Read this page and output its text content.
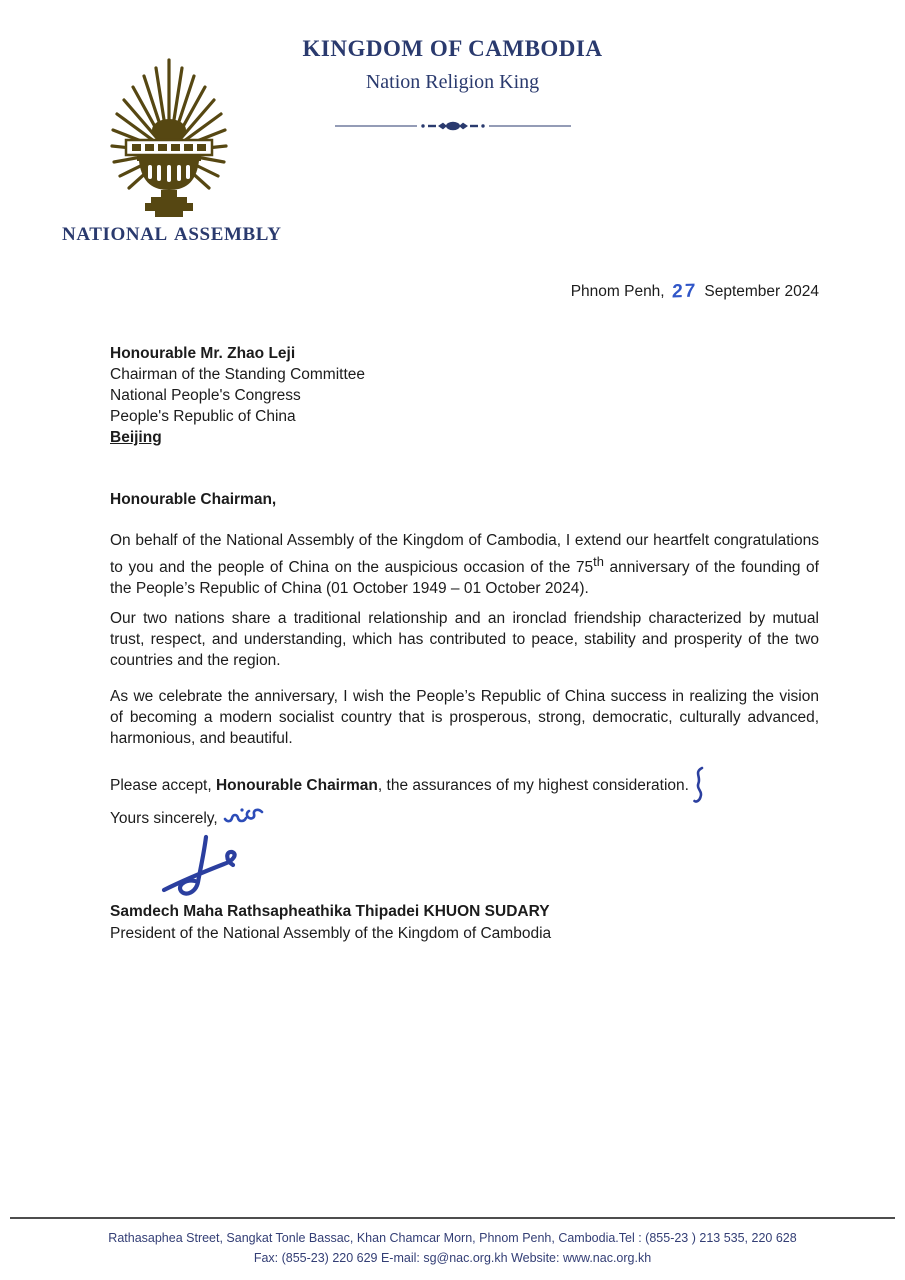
KINGDOM OF CAMBODIA
Nation Religion King
NATIONAL ASSEMBLY
Phnom Penh, 27 September 2024
Honourable Mr. Zhao Leji
Chairman of the Standing Committee
National People's Congress
People's Republic of China
Beijing
Honourable Chairman,

On behalf of the National Assembly of the Kingdom of Cambodia, I extend our heartfelt congratulations to you and the people of China on the auspicious occasion of the 75th anniversary of the founding of the People’s Republic of China (01 October 1949 – 01 October 2024).

Our two nations share a traditional relationship and an ironclad friendship characterized by mutual trust, respect, and understanding, which has contributed to peace, stability and prosperity of the two countries and the region.

As we celebrate the anniversary, I wish the People’s Republic of China success in realizing the vision of becoming a modern socialist country that is prosperous, strong, democratic, culturally advanced, harmonious, and beautiful.

Please accept, Honourable Chairman, the assurances of my highest consideration.
Yours sincerely,
Samdech Maha Rathsapheathika Thipadei KHUON SUDARY
President of the National Assembly of the Kingdom of Cambodia
Rathasaphea Street, Sangkat Tonle Bassac, Khan Chamcar Morn, Phnom Penh, Cambodia.Tel : (855-23 ) 213 535, 220 628
Fax: (855-23) 220 629 E-mail: sg@nac.org.kh Website: www.nac.org.kh
